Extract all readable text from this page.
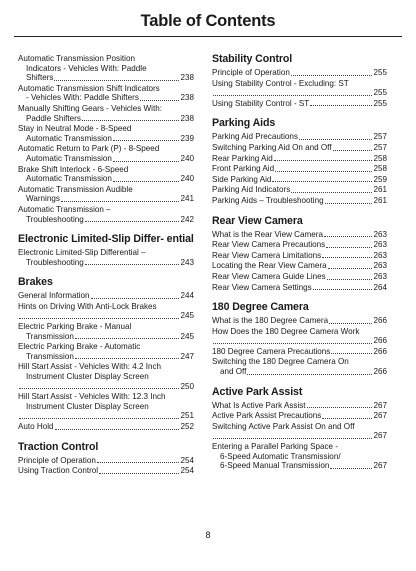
Table of Contents
Automatic Transmission Position
Indicators - Vehicles With: Paddle
Shifters	238
Automatic Transmission Shift Indicators
- Vehicles With: Paddle Shifters	238
Manually Shifting Gears - Vehicles With:
Paddle Shifters	238
Stay in Neutral Mode - 8-Speed
Automatic Transmission	239
Automatic Return to Park (P) - 8-Speed
Automatic Transmission	240
Brake Shift Interlock - 6-Speed
Automatic Transmission	240
Automatic Transmission Audible
Warnings	241
Automatic Transmission –
Troubleshooting	242
Electronic Limited-Slip Differ- ential
Electronic Limited-Slip Differential –
Troubleshooting	243
Brakes
General Information	244
Hints on Driving With Anti-Lock Brakes
245
Electric Parking Brake - Manual
Transmission	245
Electric Parking Brake - Automatic
Transmission	247
Hill Start Assist - Vehicles With: 4.2 Inch
Instrument Cluster Display Screen
250
Hill Start Assist - Vehicles With: 12.3 Inch
Instrument Cluster Display Screen
251
Auto Hold	252
Traction Control
Principle of Operation	254
Using Traction Control	254
Stability Control
Principle of Operation	255
Using Stability Control - Excluding: ST
255
Using Stability Control - ST	255
Parking Aids
Parking Aid Precautions	257
Switching Parking Aid On and Off	257
Rear Parking Aid	258
Front Parking Aid	258
Side Parking Aid	259
Parking Aid Indicators	261
Parking Aids – Troubleshooting	261
Rear View Camera
What is the Rear View Camera	263
Rear View Camera Precautions	263
Rear View Camera Limitations	263
Locating the Rear View Camera	263
Rear View Camera Guide Lines	263
Rear View Camera Settings	264
180 Degree Camera
What is the 180 Degree Camera	266
How Does the 180 Degree Camera Work
266
180 Degree Camera Precautions	266
Switching the 180 Degree Camera On
and Off	266
Active Park Assist
What Is Active Park Assist	267
Active Park Assist Precautions	267
Switching Active Park Assist On and Off
267
Entering a Parallel Parking Space -
6-Speed Automatic Transmission/
6-Speed Manual Transmission	267
8
